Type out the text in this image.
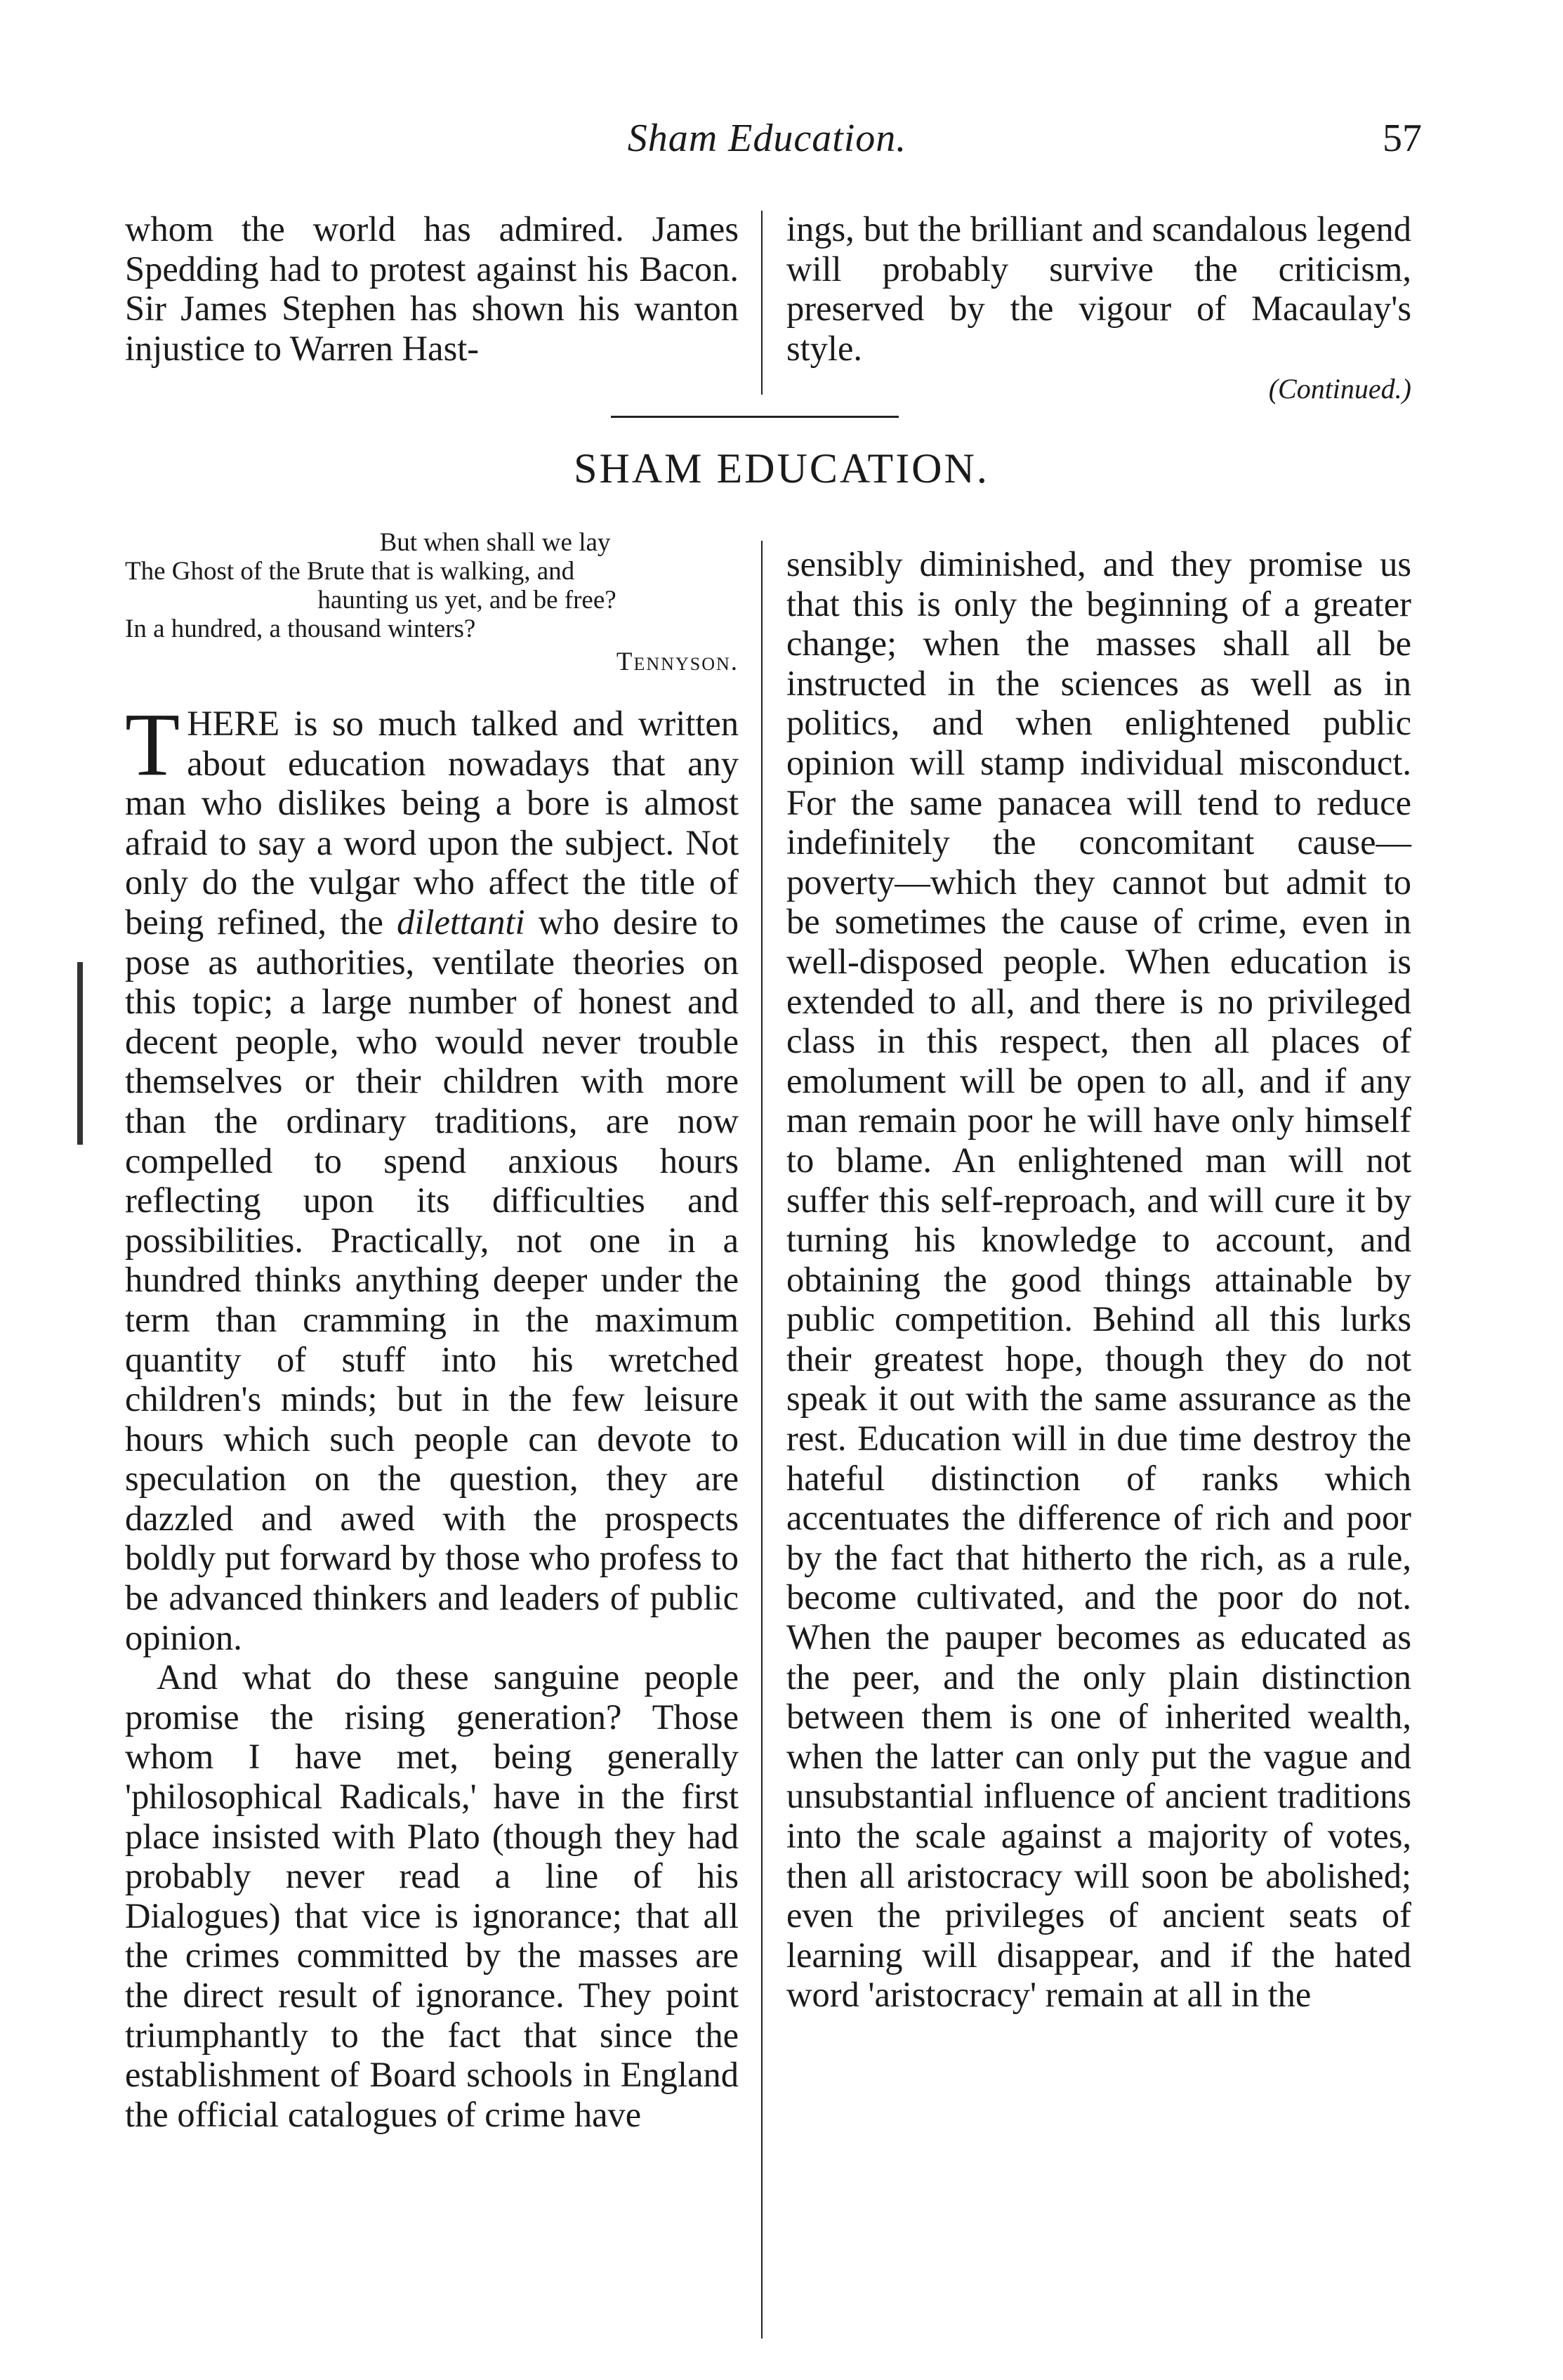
Sham Education.	57

whom the world has admired. James Spedding had to protest against his Bacon. Sir James Stephen has shown his wanton injustice to Warren Hast-

ings, but the brilliant and scandalous legend will probably survive the criticism, preserved by the vigour of Macaulay's style.

(Continued.)
SHAM EDUCATION.
But when shall we lay
The Ghost of the Brute that is walking, and
haunting us yet, and be free?
In a hundred, a thousand winters?
Tennyson.

THERE is so much talked and written about education nowadays that any man who dislikes being a bore is almost afraid to say a word upon the subject. Not only do the vulgar who affect the title of being refined, the dilettanti who desire to pose as authorities, ventilate theories on this topic; a large number of honest and decent people, who would never trouble themselves or their children with more than the ordinary traditions, are now compelled to spend anxious hours reflecting upon its difficulties and possibilities. Practically, not one in a hundred thinks anything deeper under the term than cramming in the maximum quantity of stuff into his wretched children's minds; but in the few leisure hours which such people can devote to speculation on the question, they are dazzled and awed with the prospects boldly put forward by those who profess to be advanced thinkers and leaders of public opinion.

And what do these sanguine people promise the rising generation? Those whom I have met, being generally 'philosophical Radicals,' have in the first place insisted with Plato (though they had probably never read a line of his Dialogues) that vice is ignorance; that all the crimes committed by the masses are the direct result of ignorance. They point triumphantly to the fact that since the establishment of Board schools in England the official catalogues of crime have

sensibly diminished, and they promise us that this is only the beginning of a greater change; when the masses shall all be instructed in the sciences as well as in politics, and when enlightened public opinion will stamp individual misconduct. For the same panacea will tend to reduce indefinitely the concomitant cause—poverty—which they cannot but admit to be sometimes the cause of crime, even in well-disposed people. When education is extended to all, and there is no privileged class in this respect, then all places of emolument will be open to all, and if any man remain poor he will have only himself to blame. An enlightened man will not suffer this self-reproach, and will cure it by turning his knowledge to account, and obtaining the good things attainable by public competition. Behind all this lurks their greatest hope, though they do not speak it out with the same assurance as the rest. Education will in due time destroy the hateful distinction of ranks which accentuates the difference of rich and poor by the fact that hitherto the rich, as a rule, become cultivated, and the poor do not. When the pauper becomes as educated as the peer, and the only plain distinction between them is one of inherited wealth, when the latter can only put the vague and unsubstantial influence of ancient traditions into the scale against a majority of votes, then all aristocracy will soon be abolished; even the privileges of ancient seats of learning will disappear, and if the hated word 'aristocracy' remain at all in the
